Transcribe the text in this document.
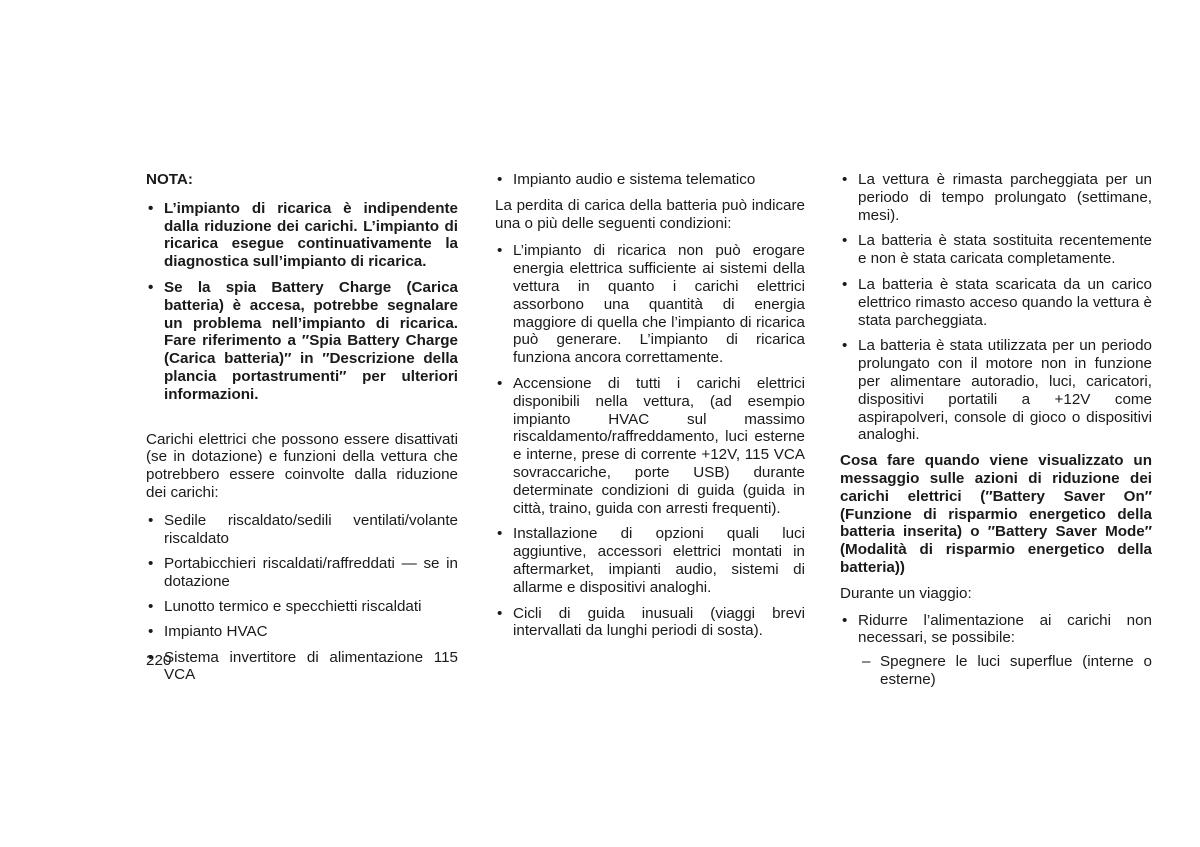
NOTA:

• L’impianto di ricarica è indipendente dalla riduzione dei carichi. L’impianto di ricarica esegue continuativamente la diagnostica sull’impianto di ricarica.
• Se la spia Battery Charge (Carica batteria) è accesa, potrebbe segnalare un problema nell’impianto di ricarica. Fare riferimento a ″Spia Battery Charge (Carica batteria)″ in ″Descrizione della plancia portastrumenti″ per ulteriori informazioni.

Carichi elettrici che possono essere disattivati (se in dotazione) e funzioni della vettura che potrebbero essere coinvolte dalla riduzione dei carichi:

• Sedile riscaldato/sedili ventilati/volante riscaldato
• Portabicchieri riscaldati/raffreddati — se in dotazione
• Lunotto termico e specchietti riscaldati
• Impianto HVAC
• Sistema invertitore di alimentazione 115 VCA
• Impianto audio e sistema telematico

La perdita di carica della batteria può indicare una o più delle seguenti condizioni:

• L’impianto di ricarica non può erogare energia elettrica sufficiente ai sistemi della vettura in quanto i carichi elettrici assorbono una quantità di energia maggiore di quella che l’impianto di ricarica può generare. L’impianto di ricarica funziona ancora correttamente.
• Accensione di tutti i carichi elettrici disponibili nella vettura, (ad esempio impianto HVAC sul massimo riscaldamento/raffreddamento, luci esterne e interne, prese di corrente +12V, 115 VCA sovraccariche, porte USB) durante determinate condizioni di guida (guida in città, traino, guida con arresti frequenti).
• Installazione di opzioni quali luci aggiuntive, accessori elettrici montati in aftermarket, impianti audio, sistemi di allarme e dispositivi analoghi.
• Cicli di guida inusuali (viaggi brevi intervallati da lunghi periodi di sosta).
• La vettura è rimasta parcheggiata per un periodo di tempo prolungato (settimane, mesi).
• La batteria è stata sostituita recentemente e non è stata caricata completamente.
• La batteria è stata scaricata da un carico elettrico rimasto acceso quando la vettura è stata parcheggiata.
• La batteria è stata utilizzata per un periodo prolungato con il motore non in funzione per alimentare autoradio, luci, caricatori, dispositivi portatili a +12V come aspirapolveri, console di gioco o dispositivi analoghi.

Cosa fare quando viene visualizzato un messaggio sulle azioni di riduzione dei carichi elettrici (″Battery Saver On″ (Funzione di risparmio energetico della batteria inserita) o ″Battery Saver Mode″ (Modalità di risparmio energetico della batteria))

Durante un viaggio:

• Ridurre l’alimentazione ai carichi non necessari, se possibile:
– Spegnere le luci superflue (interne o esterne)
220
